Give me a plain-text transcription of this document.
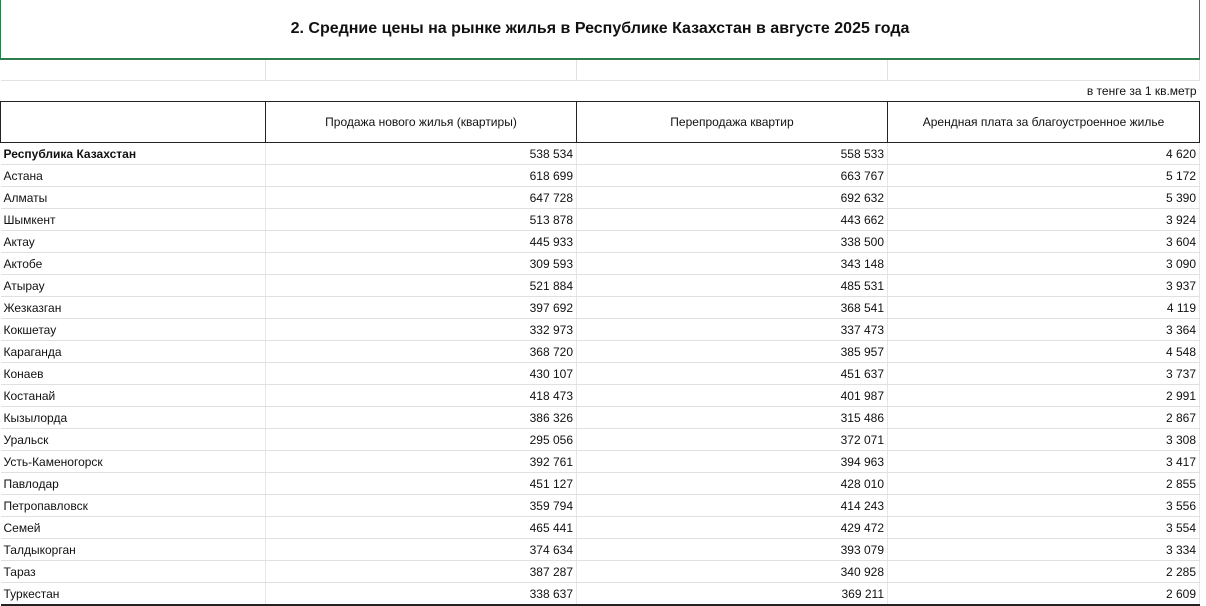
2. Средние цены на рынке жилья в Республике Казахстан в августе 2025 года

в тенге за 1 кв.метр			
	Продажа нового жилья (квартиры)	Перепродажа квартир	Арендная плата за благоустроенное жилье
Республика Казахстан	538 534	558 533	4 620
Астана	618 699	663 767	5 172
Алматы	647 728	692 632	5 390
Шымкент	513 878	443 662	3 924
Актау	445 933	338 500	3 604
Актобе	309 593	343 148	3 090
Атырау	521 884	485 531	3 937
Жезказган	397 692	368 541	4 119
Кокшетау	332 973	337 473	3 364
Караганда	368 720	385 957	4 548
Конаев	430 107	451 637	3 737
Костанай	418 473	401 987	2 991
Кызылорда	386 326	315 486	2 867
Уральск	295 056	372 071	3 308
Усть-Каменогорск	392 761	394 963	3 417
Павлодар	451 127	428 010	2 855
Петропавловск	359 794	414 243	3 556
Семей	465 441	429 472	3 554
Талдыкорган	374 634	393 079	3 334
Тараз	387 287	340 928	2 285
Туркестан	338 637	369 211	2 609
